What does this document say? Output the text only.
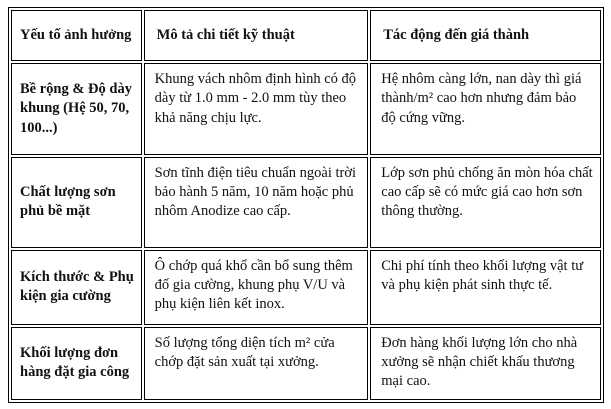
Yếu tố ảnh hưởng	Mô tả chi tiết kỹ thuật	Tác động đến giá thành
Bề rộng & Độ dày khung (Hệ 50, 70, 100...)	Khung vách nhôm định hình có độ dày từ 1.0 mm - 2.0 mm tùy theo khả năng chịu lực.	Hệ nhôm càng lớn, nan dày thì giá thành/m² cao hơn nhưng đảm bảo độ cứng vững.
Chất lượng sơn phủ bề mặt	Sơn tĩnh điện tiêu chuẩn ngoài trời bảo hành 5 năm, 10 năm hoặc phủ nhôm Anodize cao cấp.	Lớp sơn phủ chống ăn mòn hóa chất cao cấp sẽ có mức giá cao hơn sơn thông thường.
Kích thước & Phụ kiện gia cường	Ô chớp quá khổ cần bổ sung thêm đố gia cường, khung phụ V/U và phụ kiện liên kết inox.	Chi phí tính theo khối lượng vật tư và phụ kiện phát sinh thực tế.
Khối lượng đơn hàng đặt gia công	Số lượng tổng diện tích m² cửa chớp đặt sản xuất tại xưởng.	Đơn hàng khối lượng lớn cho nhà xưởng sẽ nhận chiết khấu thương mại cao.
